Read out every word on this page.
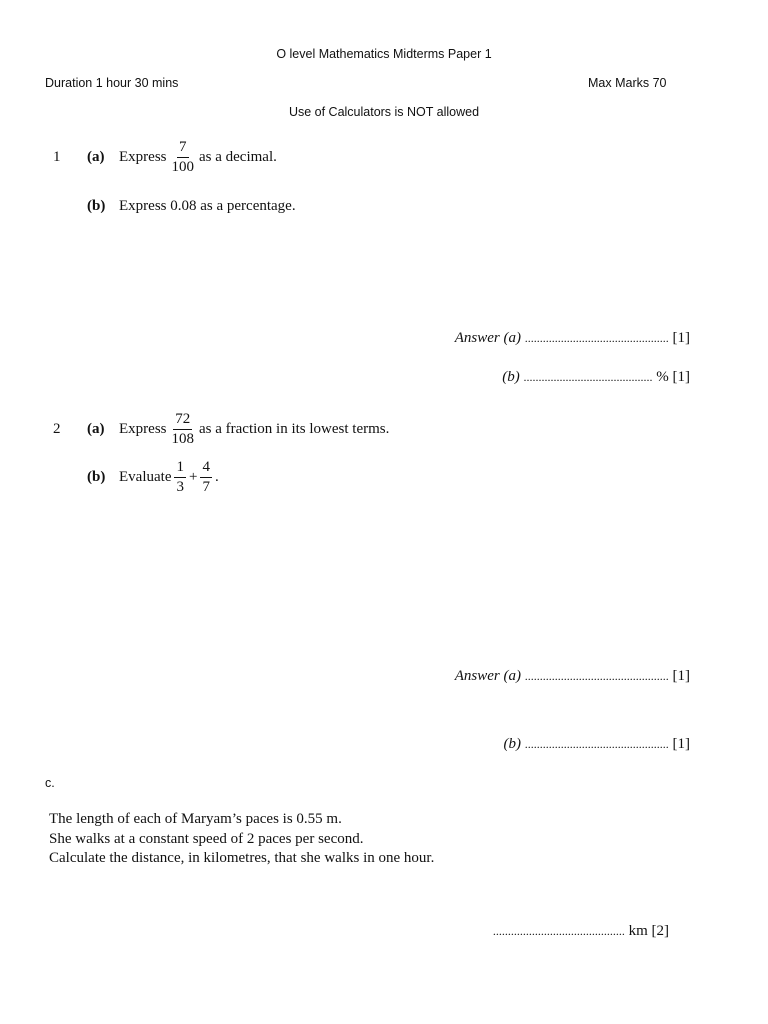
O level Mathematics Midterms Paper 1
Duration 1 hour 30 mins	Max Marks 70
Use of Calculators is NOT allowed
1 (a) Express $\frac{7}{100}$ as a decimal.
(b) Express 0.08 as a percentage.
Answer (a) ................................................ [1]
(b) ........................................... % [1]
2 (a) Express $\frac{72}{108}$ as a fraction in its lowest terms.
(b) Evaluate $\frac{1}{3} + \frac{4}{7}$ .
Answer (a) ................................................ [1]
(b) ................................................ [1]
c.
The length of each of Maryam’s paces is 0.55 m.
She walks at a constant speed of 2 paces per second.
Calculate the distance, in kilometres, that she walks in one hour.
............................................ km [2]
